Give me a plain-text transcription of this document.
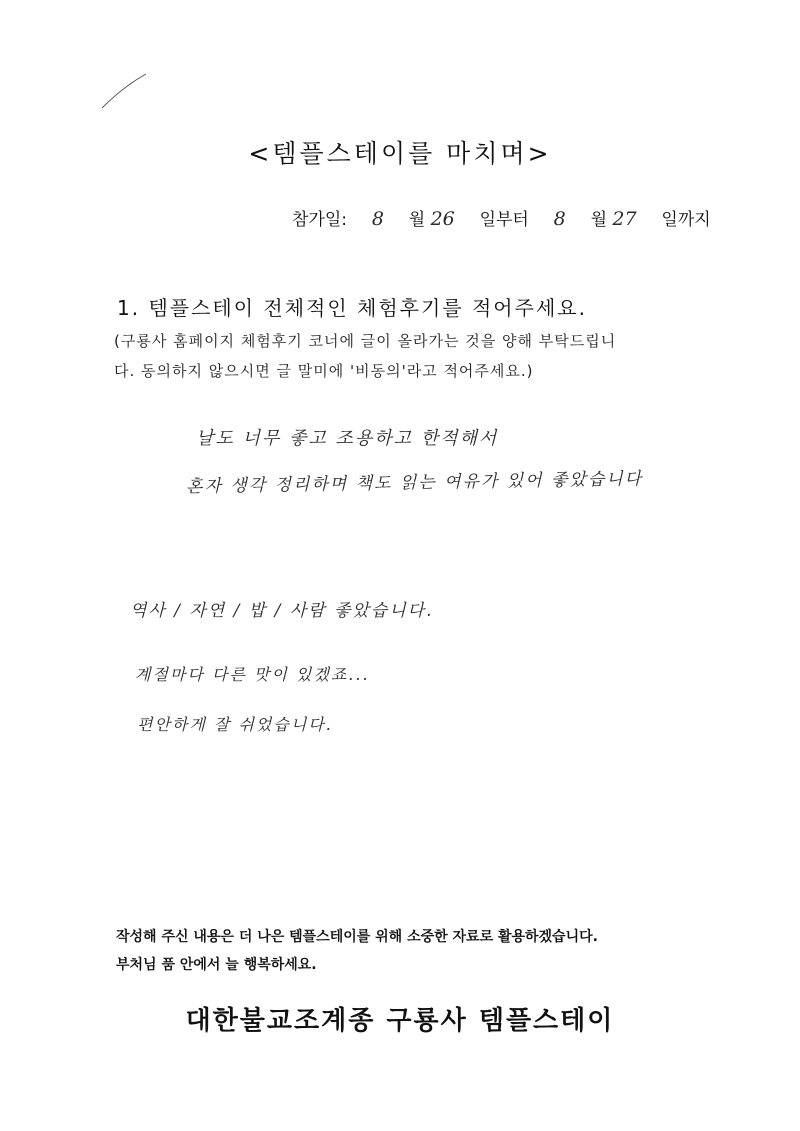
<템플스테이를 마치며>
참가일: 8 월 26 일부터 8 월 27 일까지
1. 템플스테이 전체적인 체험후기를 적어주세요.
(구룡사 홈페이지 체험후기 코너에 글이 올라가는 것을 양해 부탁드립니
다. 동의하지 않으시면 글 말미에 '비동의'라고 적어주세요.)
날도 너무 좋고 조용하고 한적해서
혼자 생각 정리하며 책도 읽는 여유가 있어 좋았습니다
역사 / 자연 / 밥 / 사람 좋았습니다.
계절마다 다른 맛이 있겠죠...
편안하게 잘 쉬었습니다.
작성해 주신 내용은 더 나은 템플스테이를 위해 소중한 자료로 활용하겠습니다.
부처님 품 안에서 늘 행복하세요.
대한불교조계종 구룡사 템플스테이
